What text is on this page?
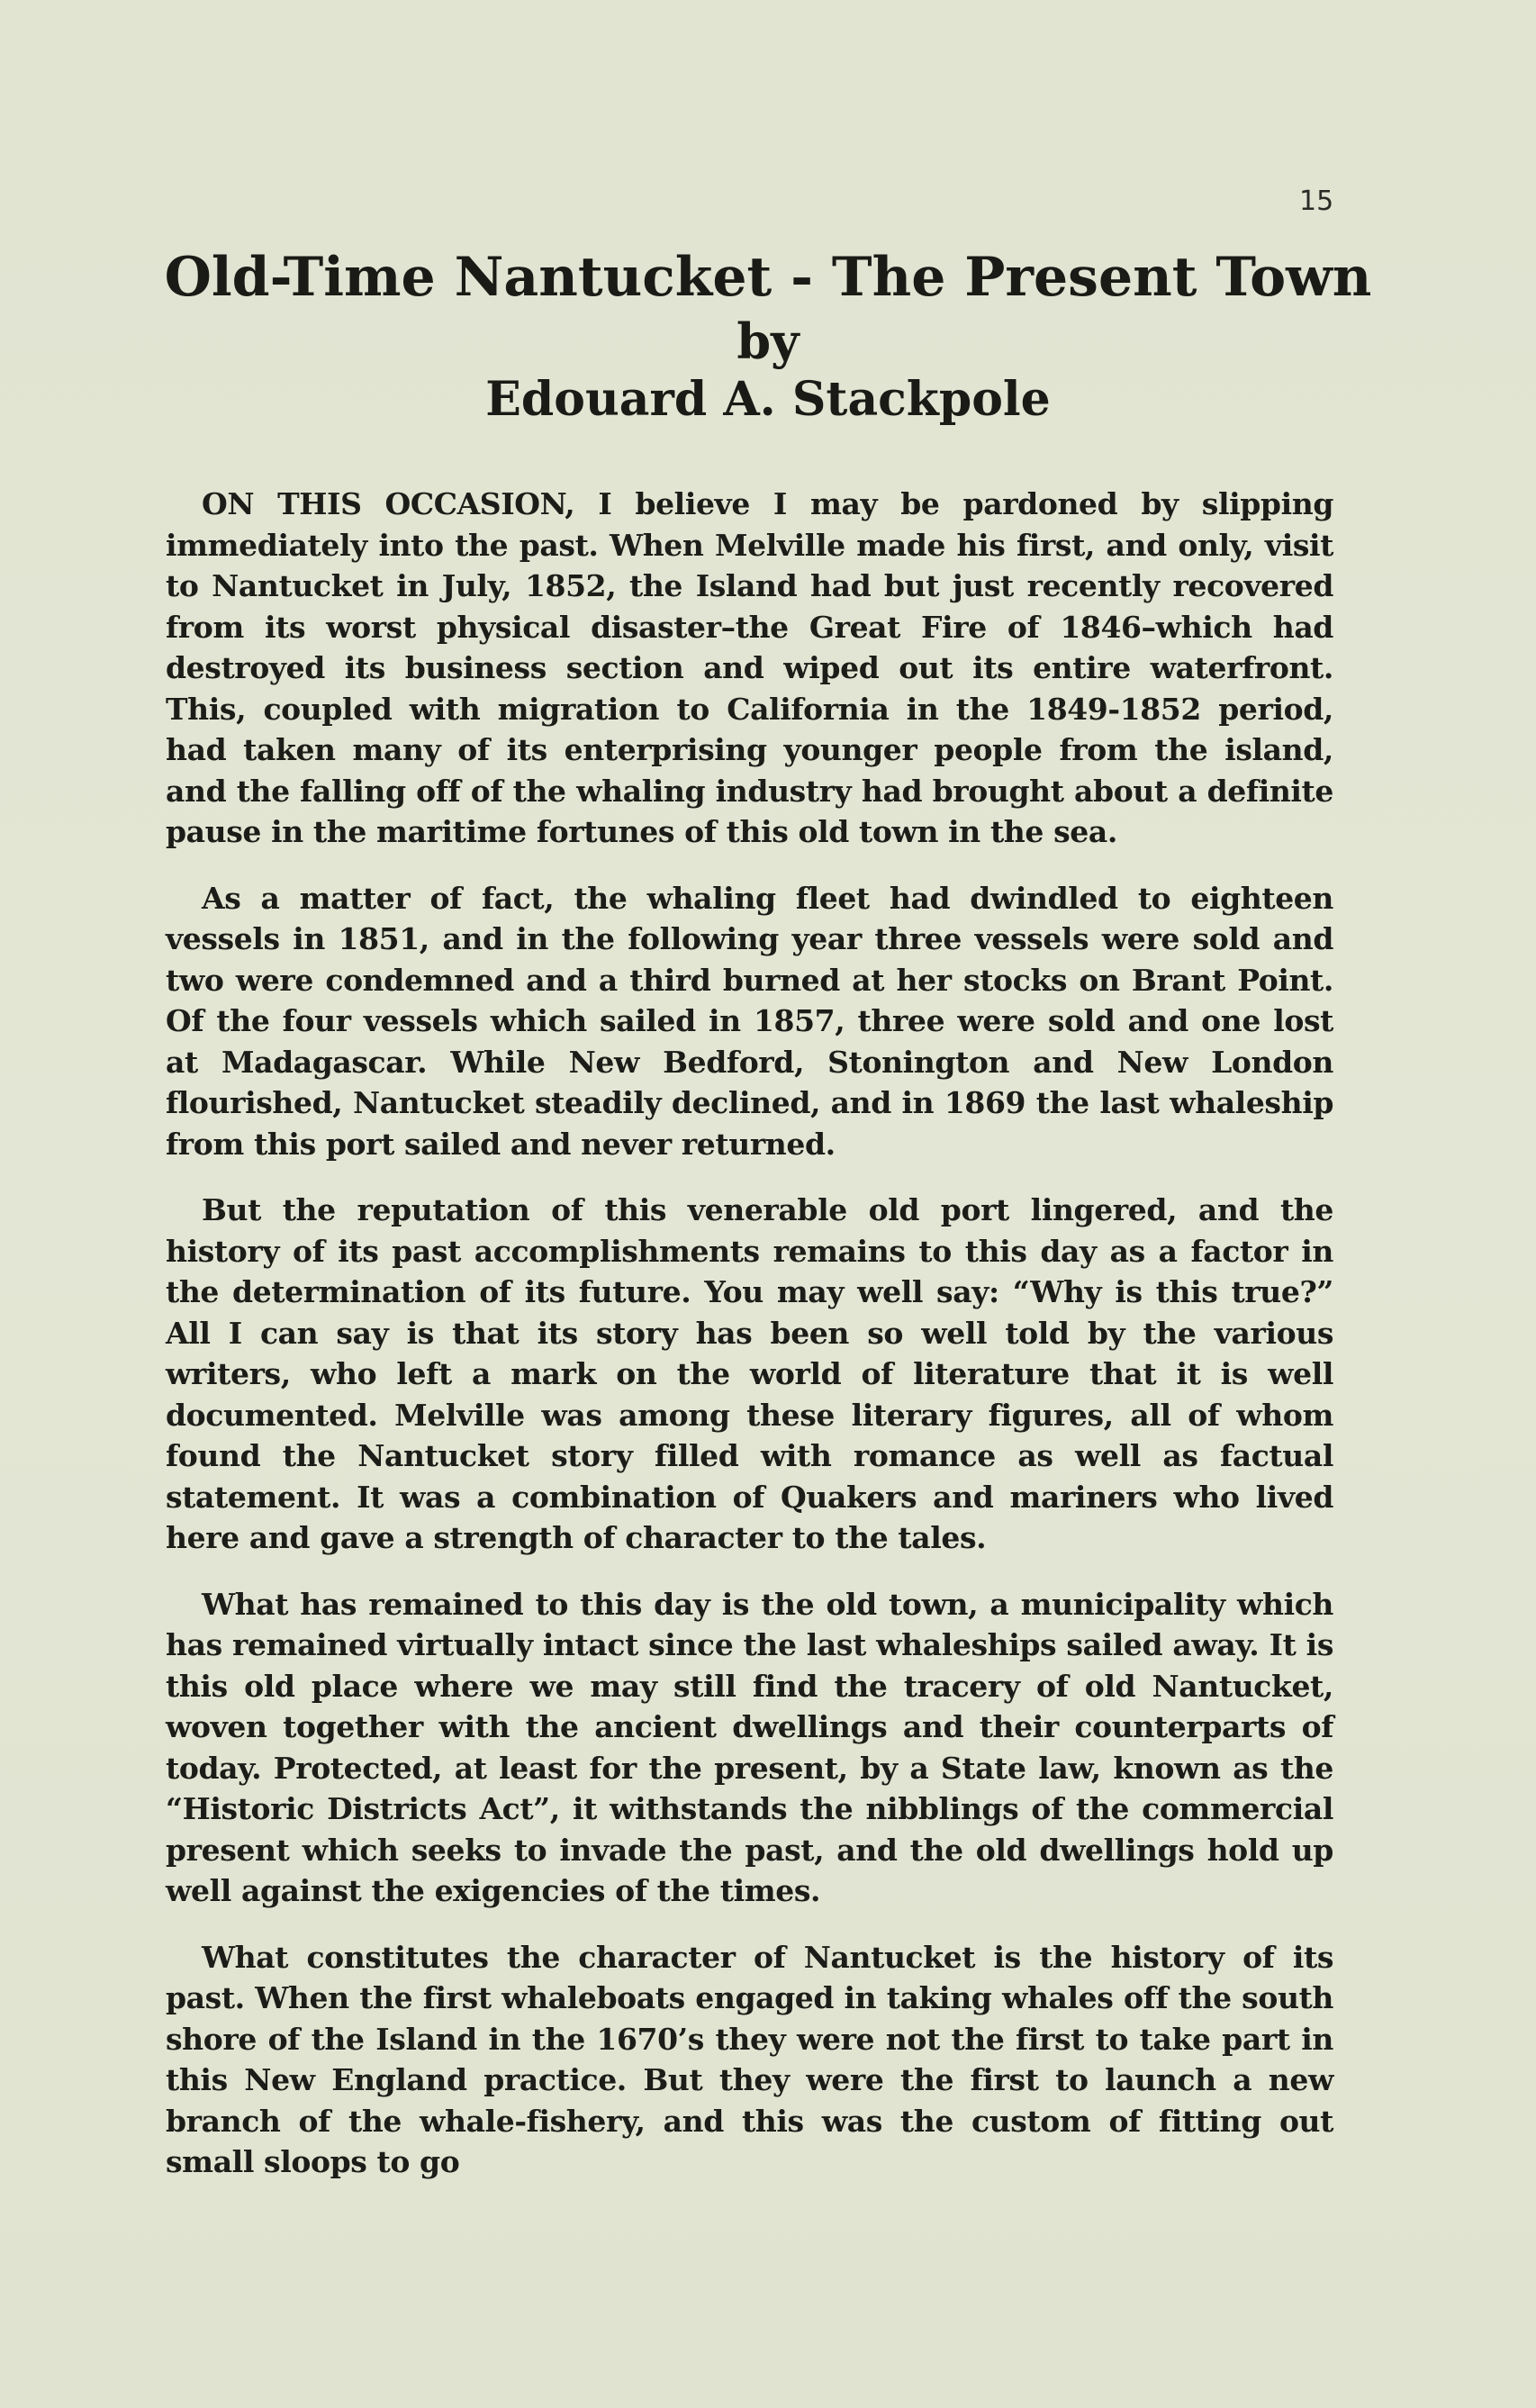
15
Old-Time Nantucket - The Present Town

by

Edouard A. Stackpole

ON THIS OCCASION, I believe I may be pardoned by slipping immediately into the past. When Melville made his first, and only, visit to Nantucket in July, 1852, the Island had but just recently recovered from its worst physical disaster–the Great Fire of 1846–which had destroyed its business section and wiped out its entire waterfront. This, coupled with migration to California in the 1849-1852 period, had taken many of its enterprising younger people from the island, and the falling off of the whaling industry had brought about a definite pause in the maritime fortunes of this old town in the sea.

As a matter of fact, the whaling fleet had dwindled to eighteen vessels in 1851, and in the following year three vessels were sold and two were condemned and a third burned at her stocks on Brant Point. Of the four vessels which sailed in 1857, three were sold and one lost at Madagascar. While New Bedford, Stonington and New London flourished, Nantucket steadily declined, and in 1869 the last whaleship from this port sailed and never returned.

But the reputation of this venerable old port lingered, and the history of its past accomplishments remains to this day as a factor in the determination of its future. You may well say: “Why is this true?” All I can say is that its story has been so well told by the various writers, who left a mark on the world of literature that it is well documented. Melville was among these literary figures, all of whom found the Nantucket story filled with romance as well as factual statement. It was a combination of Quakers and mariners who lived here and gave a strength of character to the tales.

What has remained to this day is the old town, a municipality which has remained virtually intact since the last whaleships sailed away. It is this old place where we may still find the tracery of old Nantucket, woven together with the ancient dwellings and their counterparts of today. Protected, at least for the present, by a State law, known as the “Historic Districts Act”, it withstands the nibblings of the commercial present which seeks to invade the past, and the old dwellings hold up well against the exigencies of the times.

What constitutes the character of Nantucket is the history of its past. When the first whaleboats engaged in taking whales off the south shore of the Island in the 1670’s they were not the first to take part in this New England practice. But they were the first to launch a new branch of the whale-fishery, and this was the custom of fitting out small sloops to go
